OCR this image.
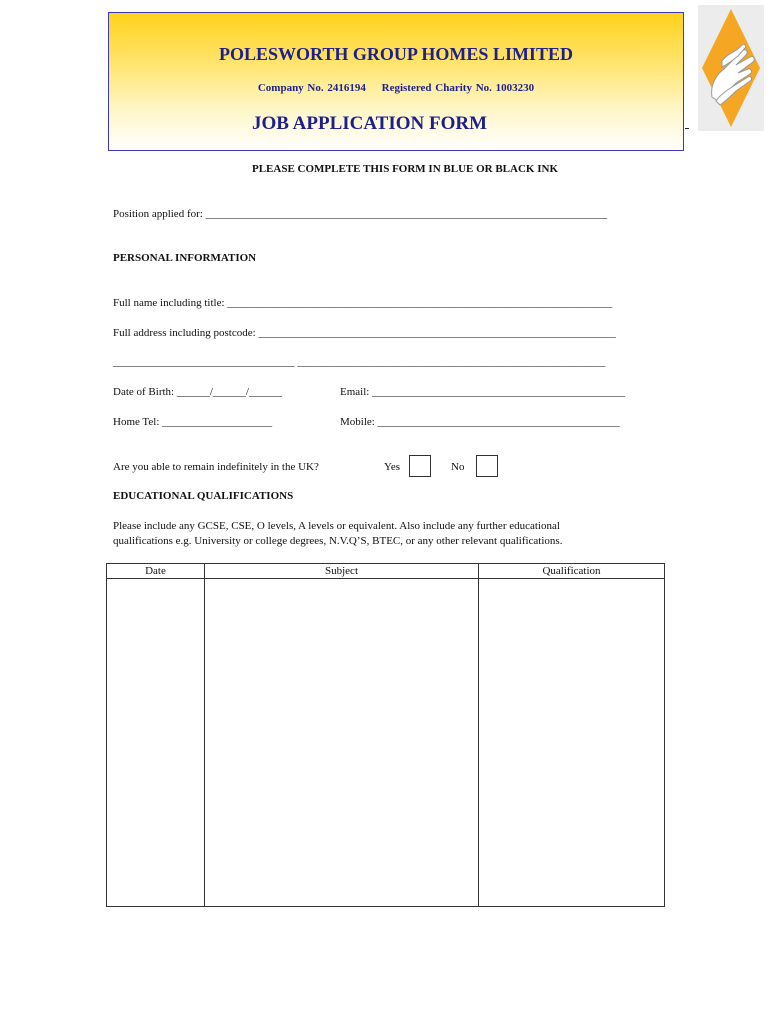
POLESWORTH GROUP HOMES LIMITED
Company No. 2416194 Registered Charity No. 1003230
JOB APPLICATION FORM
PLEASE COMPLETE THIS FORM IN BLUE OR BLACK INK
Position applied for: _________________________________________________________________________
PERSONAL INFORMATION
Full name including title: ______________________________________________________________________
Full address including postcode: _________________________________________________________________
_________________________________ ________________________________________________________
Date of Birth: ______/______/______	Email: ______________________________________________
Home Tel: ____________________	Mobile: ____________________________________________
Are you able to remain indefinitely in the UK?	Yes	No
EDUCATIONAL QUALIFICATIONS
Please include any GCSE, CSE, O levels, A levels or equivalent. Also include any further educational
qualifications e.g. University or college degrees, N.V.Q’S, BTEC, or any other relevant qualifications.
Date	Subject	Qualification
